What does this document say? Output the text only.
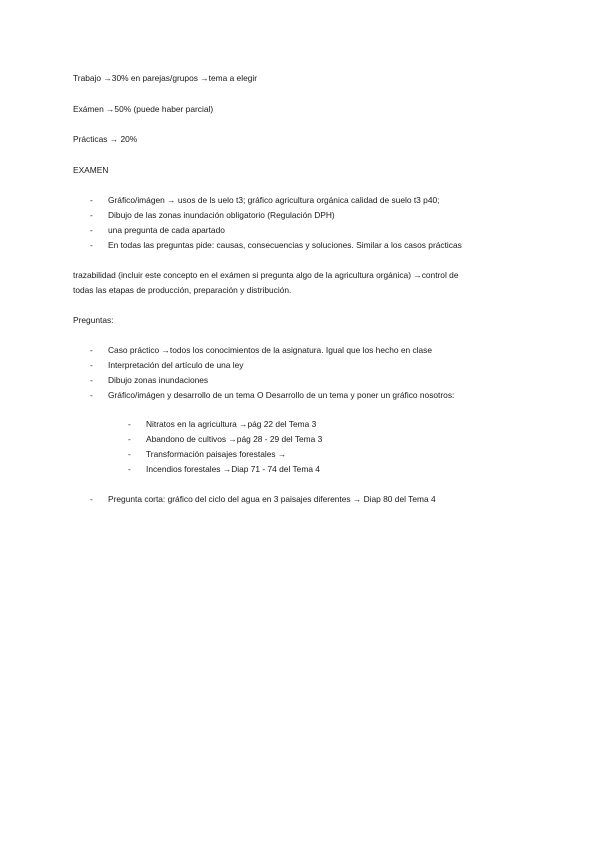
Trabajo →30% en parejas/grupos →tema a elegir
Exámen →50% (puede haber parcial)
Prácticas → 20%
EXAMEN
- Gráfico/imágen → usos de ls uelo t3; gráfico agricultura orgánica calidad de suelo t3 p40;
- Dibujo de las zonas inundación obligatorio (Regulación DPH)
- una pregunta de cada apartado
- En todas las preguntas pide: causas, consecuencias y soluciones. Similar a los casos prácticas
trazabilidad (incluir este concepto en el exámen si pregunta algo de la agricultura orgánica) →control de
todas las etapas de producción, preparación y distribución.
Preguntas:
- Caso práctico →todos los conocimientos de la asignatura. Igual que los hecho en clase
- Interpretación del artículo de una ley
- Dibujo zonas inundaciones
- Gráfico/imágen y desarrollo de un tema O Desarrollo de un tema y poner un gráfico nosotros:
- Nitratos en la agricultura →pág 22 del Tema 3
- Abandono de cultivos →pág 28 - 29 del Tema 3
- Transformación paisajes forestales →
- Incendios forestales →Diap 71 - 74 del Tema 4
- Pregunta corta: gráfico del ciclo del agua en 3 paisajes diferentes → Diap 80 del Tema 4
